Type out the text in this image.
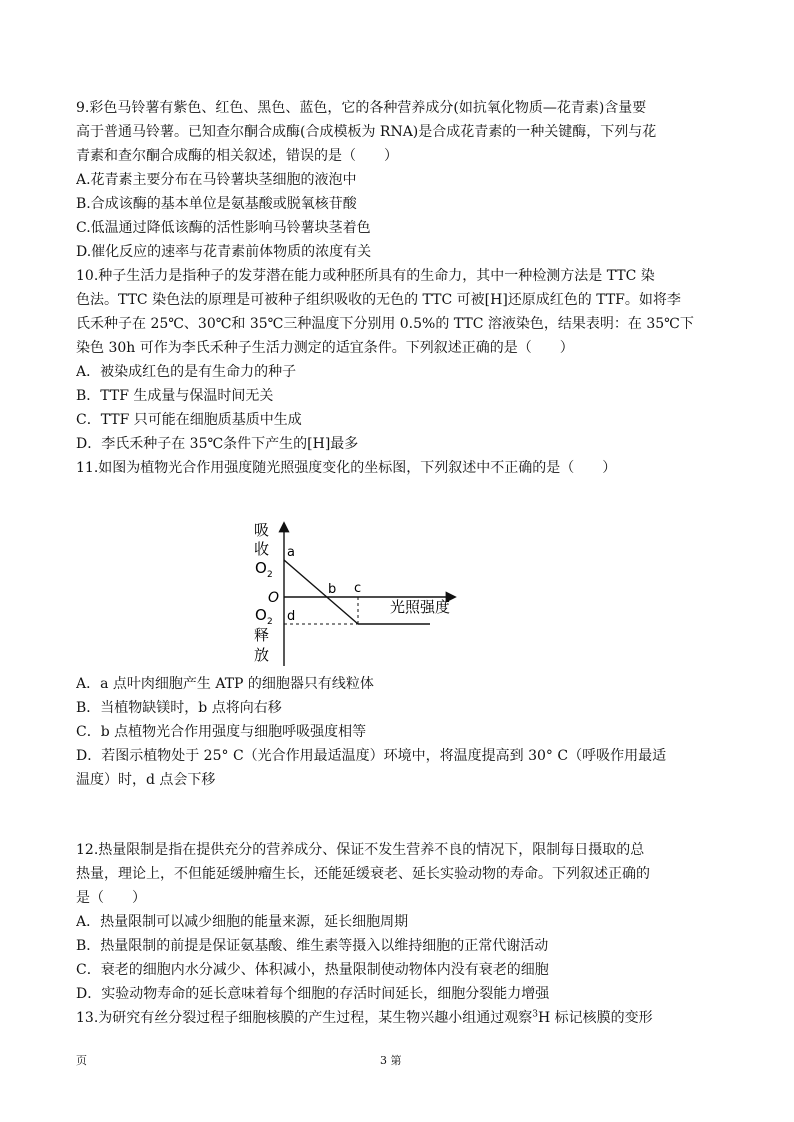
9.彩色马铃薯有紫色、红色、黑色、蓝色，它的各种营养成分(如抗氧化物质—花青素)含量要
高于普通马铃薯。已知查尔酮合成酶(合成模板为 RNA)是合成花青素的一种关键酶，下列与花
青素和查尔酮合成酶的相关叙述，错误的是（　　）
A.花青素主要分布在马铃薯块茎细胞的液泡中
B.合成该酶的基本单位是氨基酸或脱氧核苷酸
C.低温通过降低该酶的活性影响马铃薯块茎着色
D.催化反应的速率与花青素前体物质的浓度有关
10.种子生活力是指种子的发芽潜在能力或种胚所具有的生命力，其中一种检测方法是 TTC 染
色法。TTC 染色法的原理是可被种子组织吸收的无色的 TTC 可被[H]还原成红色的 TTF。如将李
氏禾种子在 25℃、30℃和 35℃三种温度下分别用 0.5%的 TTC 溶液染色，结果表明：在 35℃下
染色 30h 可作为李氏禾种子生活力测定的适宜条件。下列叙述正确的是（　　）
A．被染成红色的是有生命力的种子
B．TTF 生成量与保温时间无关
C．TTF 只可能在细胞质基质中生成
D．李氏禾种子在 35℃条件下产生的[H]最多
11.如图为植物光合作用强度随光照强度变化的坐标图，下列叙述中不正确的是（　　）
吸
收
O 2
O
O 2
释
放
a
b c
d
光照强度
A．a 点叶肉细胞产生 ATP 的细胞器只有线粒体
B．当植物缺镁时，b 点将向右移
C．b 点植物光合作用强度与细胞呼吸强度相等
D．若图示植物处于 25° C（光合作用最适温度）环境中，将温度提高到 30° C（呼吸作用最适
温度）时，d 点会下移
12.热量限制是指在提供充分的营养成分、保证不发生营养不良的情况下，限制每日摄取的总
热量，理论上，不但能延缓肿瘤生长，还能延缓衰老、延长实验动物的寿命。下列叙述正确的
是（　　）
A．热量限制可以减少细胞的能量来源，延长细胞周期
B．热量限制的前提是保证氨基酸、维生素等摄入以维持细胞的正常代谢活动
C．衰老的细胞内水分减少、体积减小，热量限制使动物体内没有衰老的细胞
D．实验动物寿命的延长意味着每个细胞的存活时间延长，细胞分裂能力增强
13.为研究有丝分裂过程子细胞核膜的产生过程，某生物兴趣小组通过观察$^3$H 标记核膜的变形
页	3 第
